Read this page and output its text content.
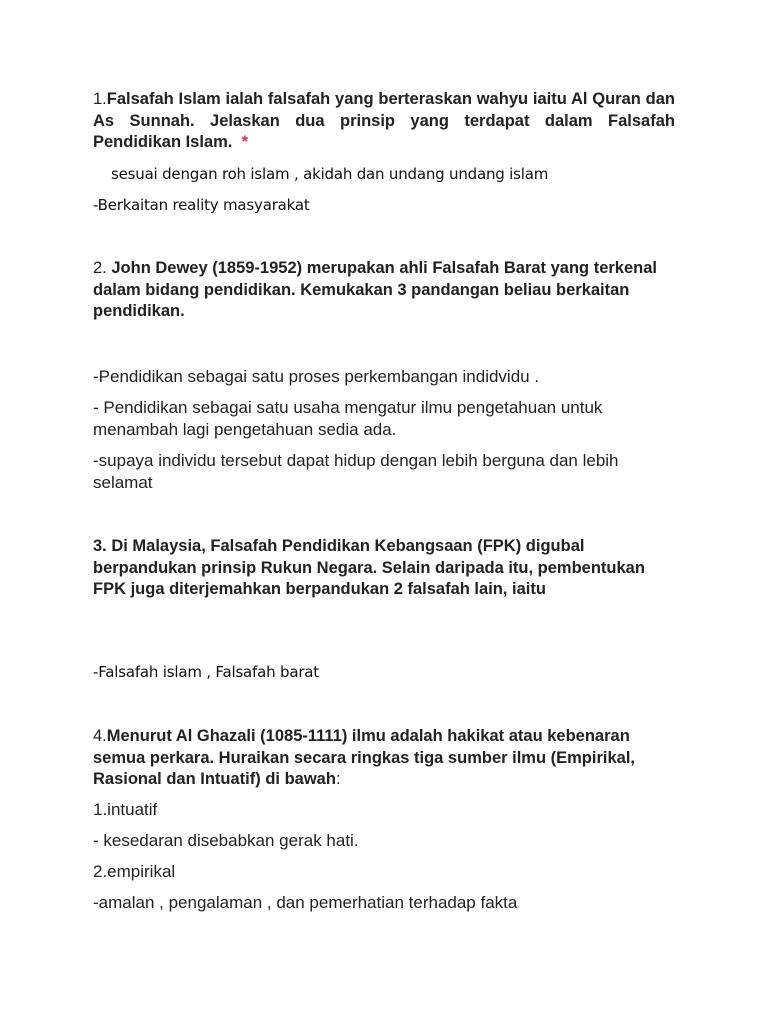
1.Falsafah Islam ialah falsafah yang berteraskan wahyu iaitu Al Quran dan As Sunnah. Jelaskan dua prinsip yang terdapat dalam Falsafah Pendidikan Islam. *
sesuai dengan roh islam , akidah dan undang undang islam
-Berkaitan reality masyarakat
2. John Dewey (1859-1952) merupakan ahli Falsafah Barat yang terkenal dalam bidang pendidikan. Kemukakan 3 pandangan beliau berkaitan pendidikan.
-Pendidikan sebagai satu proses perkembangan indidvidu .
- Pendidikan sebagai satu usaha mengatur ilmu pengetahuan untuk menambah lagi pengetahuan sedia ada.
-supaya individu tersebut dapat hidup dengan lebih berguna dan lebih selamat
3. Di Malaysia, Falsafah Pendidikan Kebangsaan (FPK) digubal berpandukan prinsip Rukun Negara. Selain daripada itu, pembentukan FPK juga diterjemahkan berpandukan 2 falsafah lain, iaitu
-Falsafah islam , Falsafah barat
4.Menurut Al Ghazali (1085-1111) ilmu adalah hakikat atau kebenaran semua perkara. Huraikan secara ringkas tiga sumber ilmu (Empirikal, Rasional dan Intuatif) di bawah:
1.intuatif
- kesedaran disebabkan gerak hati.
2.empirikal
-amalan , pengalaman , dan pemerhatian terhadap fakta
